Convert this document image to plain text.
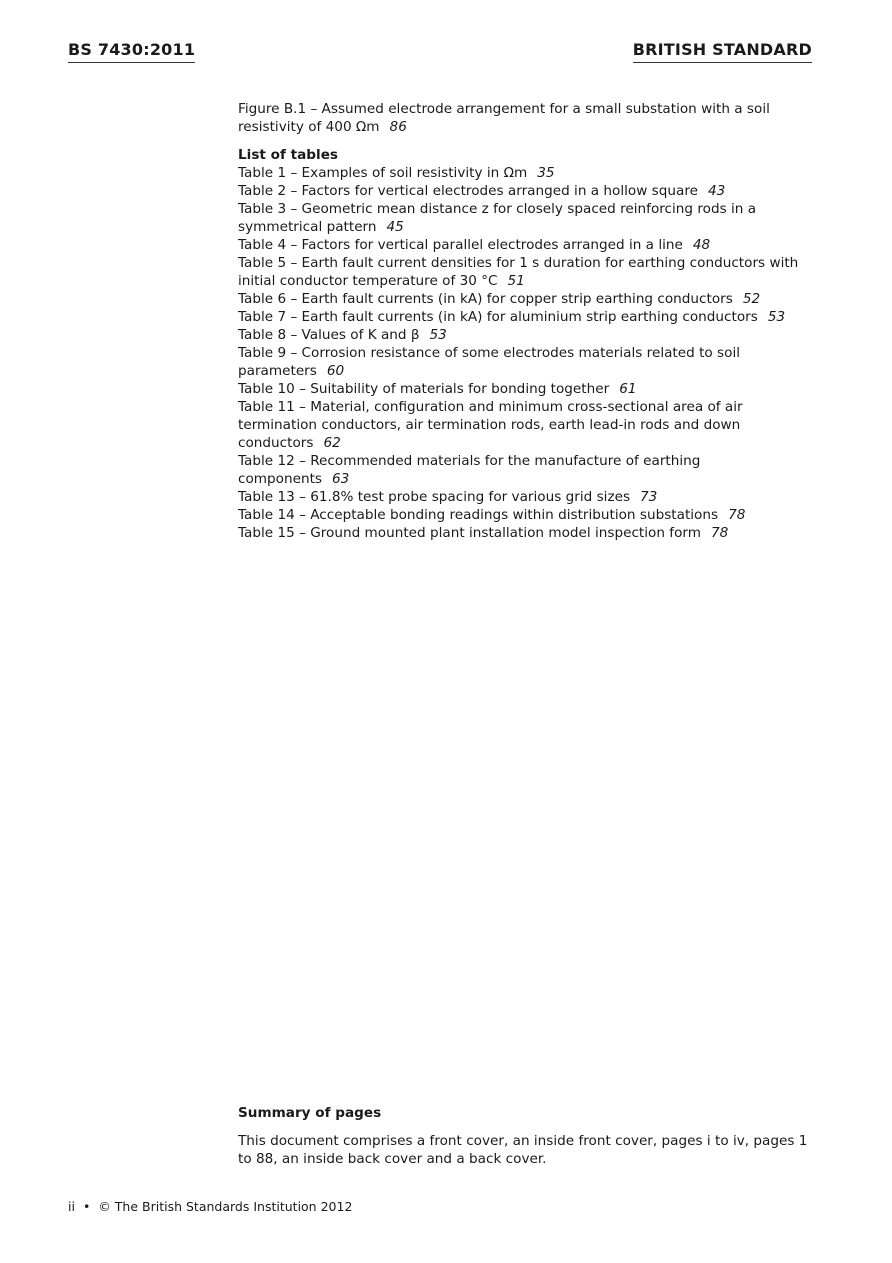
BS 7430:2011	BRITISH STANDARD

Figure B.1 – Assumed electrode arrangement for a small substation with a soil resistivity of 400 Ωm 86

List of tables

Table 1 – Examples of soil resistivity in Ωm 35

Table 2 – Factors for vertical electrodes arranged in a hollow square 43

Table 3 – Geometric mean distance z for closely spaced reinforcing rods in a symmetrical pattern 45

Table 4 – Factors for vertical parallel electrodes arranged in a line 48

Table 5 – Earth fault current densities for 1 s duration for earthing conductors with initial conductor temperature of 30 °C 51

Table 6 – Earth fault currents (in kA) for copper strip earthing conductors 52

Table 7 – Earth fault currents (in kA) for aluminium strip earthing conductors 53

Table 8 – Values of K and β 53

Table 9 – Corrosion resistance of some electrodes materials related to soil parameters 60

Table 10 – Suitability of materials for bonding together 61

Table 11 – Material, configuration and minimum cross-sectional area of air termination conductors, air termination rods, earth lead-in rods and down conductors 62

Table 12 – Recommended materials for the manufacture of earthing components 63

Table 13 – 61.8% test probe spacing for various grid sizes 73

Table 14 – Acceptable bonding readings within distribution substations 78

Table 15 – Ground mounted plant installation model inspection form 78

Summary of pages
This document comprises a front cover, an inside front cover, pages i to iv, pages 1 to 88, an inside back cover and a back cover.
ii • © The British Standards Institution 2012
